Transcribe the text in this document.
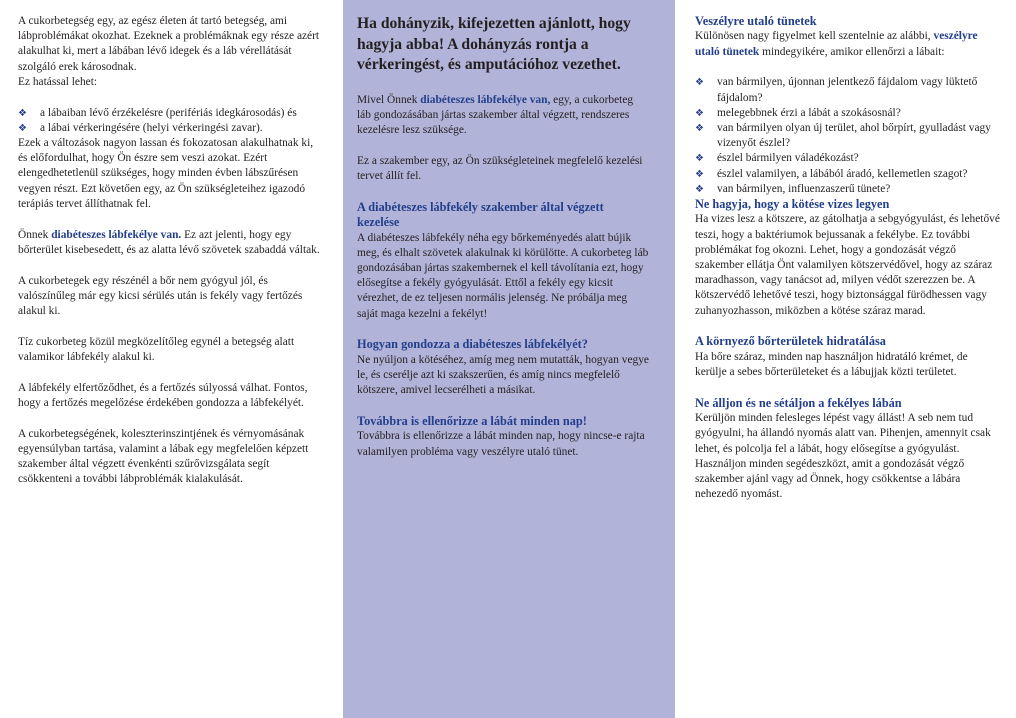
A cukorbetegség egy, az egész életen át tartó betegség, ami lábproblémákat okozhat. Ezeknek a problémáknak egy része azért alakulhat ki, mert a lábában lévő idegek és a láb vérellátását szolgáló erek károsodnak.

Ez hatással lehet:

❖ a lábaiban lévő érzékelésre (perifériás idegkárosodás) és
❖ a lábai vérkeringésére (helyi vérkeringési zavar).

Ezek a változások nagyon lassan és fokozatosan alakulhatnak ki, és előfordulhat, hogy Ön észre sem veszi azokat. Ezért elengedhetetlenül szükséges, hogy minden évben lábszűrésen vegyen részt. Ezt követően egy, az Ön szükségleteihez igazodó terápiás tervet állíthatnak fel.

Önnek diabéteszes lábfekélye van. Ez azt jelenti, hogy egy bőrterület kisebesedett, és az alatta lévő szövetek szabaddá váltak.

A cukorbetegek egy részénél a bőr nem gyógyul jól, és valószínűleg már egy kicsi sérülés után is fekély vagy fertőzés alakul ki.

Tíz cukorbeteg közül megközelítőleg egynél a betegség alatt valamikor lábfekély alakul ki.

A lábfekély elfertőződhet, és a fertőzés súlyossá válhat. Fontos, hogy a fertőzés megelőzése érdekében gondozza a lábfekélyét.

A cukorbetegségének, koleszterinszintjének és vérnyomásának egyensúlyban tartása, valamint a lábak egy megfelelően képzett szakember által végzett évenkénti szűrővizsgálata segít csökkenteni a további lábproblémák kialakulását.

Ha dohányzik, kifejezetten ajánlott, hogy hagyja abba! A dohányzás rontja a vérkeringést, és amputációhoz vezethet.

Mivel Önnek diabéteszes lábfekélye van, egy, a cukorbeteg láb gondozásában jártas szakember által végzett, rendszeres kezelésre lesz szüksége.

Ez a szakember egy, az Ön szükségleteinek megfelelő kezelési tervet állít fel.

A diabéteszes lábfekély szakember által végzett kezelése

A diabéteszes lábfekély néha egy bőrkeményedés alatt bújik meg, és elhalt szövetek alakulnak ki körülötte. A cukorbeteg láb gondozásában jártas szakembernek el kell távolítania ezt, hogy elősegítse a fekély gyógyulását. Ettől a fekély egy kicsit vérezhet, de ez teljesen normális jelenség. Ne próbálja meg saját maga kezelni a fekélyt!

Hogyan gondozza a diabéteszes lábfekélyét?

Ne nyúljon a kötéséhez, amíg meg nem mutatták, hogyan vegye le, és cserélje azt ki szakszerűen, és amíg nincs megfelelő kötszere, amivel lecserélheti a másikat.

Továbbra is ellenőrizze a lábát minden nap!

Továbbra is ellenőrizze a lábát minden nap, hogy nincse-e rajta valamilyen probléma vagy veszélyre utaló tünet.

Veszélyre utaló tünetek

Különösen nagy figyelmet kell szentelnie az alábbi, veszélyre utaló tünetek mindegyikére, amikor ellenőrzi a lábait:

❖ van bármilyen, újonnan jelentkező fájdalom vagy lüktető fájdalom?
❖ melegebbnek érzi a lábát a szokásosnál?
❖ van bármilyen olyan új terület, ahol bőrpírt, gyulladást vagy vizenyőt észlel?
❖ észlel bármilyen váladékozást?
❖ észlel valamilyen, a lábából áradó, kellemetlen szagot?
❖ van bármilyen, influenzaszerű tünete?
Ne hagyja, hogy a kötése vizes legyen

Ha vizes lesz a kötszere, az gátolhatja a sebgyógyulást, és lehetővé teszi, hogy a baktériumok bejussanak a fekélybe. Ez további problémákat fog okozni. Lehet, hogy a gondozását végző szakember ellátja Önt valamilyen kötszervédővel, hogy az száraz maradhasson, vagy tanácsot ad, milyen védőt szerezzen be. A kötszervédő lehetővé teszi, hogy biztonsággal fürödhessen vagy zuhanyozhasson, miközben a kötése száraz marad.

A környező bőrterületek hidratálása

Ha bőre száraz, minden nap használjon hidratáló krémet, de kerülje a sebes bőrterületeket és a lábujjak közti területet.

Ne álljon és ne sétáljon a fekélyes lábán

Kerüljön minden felesleges lépést vagy állást! A seb nem tud gyógyulni, ha állandó nyomás alatt van. Pihenjen, amennyit csak lehet, és polcolja fel a lábát, hogy elősegítse a gyógyulást. Használjon minden segédeszközt, amit a gondozását végző szakember ajánl vagy ad Önnek, hogy csökkentse a lábára nehezedő nyomást.
